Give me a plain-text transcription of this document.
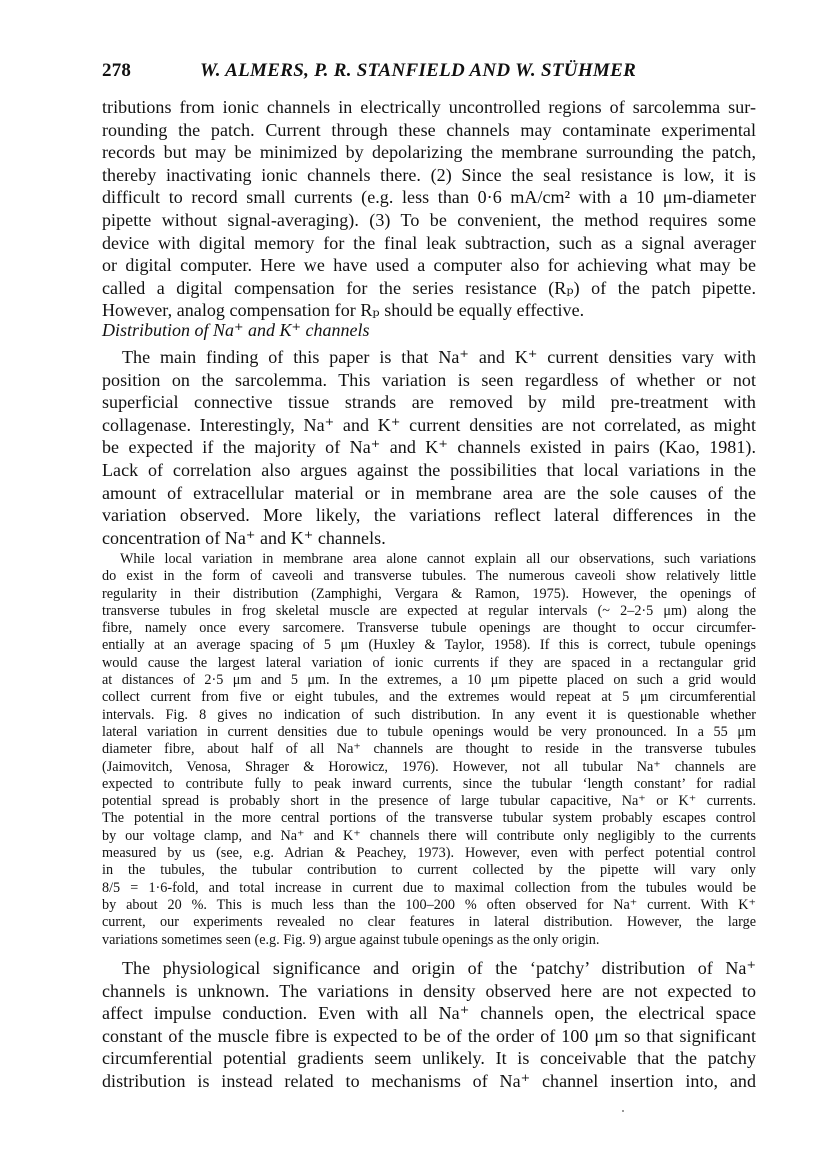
278	W. ALMERS, P. R. STANFIELD AND W. STÜHMER
tributions from ionic channels in electrically uncontrolled regions of sarcolemma sur-
rounding the patch. Current through these channels may contaminate experimental
records but may be minimized by depolarizing the membrane surrounding the patch,
thereby inactivating ionic channels there. (2) Since the seal resistance is low, it is
difficult to record small currents (e.g. less than 0·6 mA/cm² with a 10 μm-diameter
pipette without signal-averaging). (3) To be convenient, the method requires some
device with digital memory for the final leak subtraction, such as a signal averager
or digital computer. Here we have used a computer also for achieving what may be
called a digital compensation for the series resistance (Rₚ) of the patch pipette.
However, analog compensation for Rₚ should be equally effective.
Distribution of Na⁺ and K⁺ channels
The main finding of this paper is that Na⁺ and K⁺ current densities vary with
position on the sarcolemma. This variation is seen regardless of whether or not
superficial connective tissue strands are removed by mild pre-treatment with
collagenase. Interestingly, Na⁺ and K⁺ current densities are not correlated, as might
be expected if the majority of Na⁺ and K⁺ channels existed in pairs (Kao, 1981).
Lack of correlation also argues against the possibilities that local variations in the
amount of extracellular material or in membrane area are the sole causes of the
variation observed. More likely, the variations reflect lateral differences in the
concentration of Na⁺ and K⁺ channels.
While local variation in membrane area alone cannot explain all our observations, such variations
do exist in the form of caveoli and transverse tubules. The numerous caveoli show relatively little
regularity in their distribution (Zamphighi, Vergara & Ramon, 1975). However, the openings of
transverse tubules in frog skeletal muscle are expected at regular intervals (~ 2–2·5 μm) along the
fibre, namely once every sarcomere. Transverse tubule openings are thought to occur circumfer-
entially at an average spacing of 5 μm (Huxley & Taylor, 1958). If this is correct, tubule openings
would cause the largest lateral variation of ionic currents if they are spaced in a rectangular grid
at distances of 2·5 μm and 5 μm. In the extremes, a 10 μm pipette placed on such a grid would
collect current from five or eight tubules, and the extremes would repeat at 5 μm circumferential
intervals. Fig. 8 gives no indication of such distribution. In any event it is questionable whether
lateral variation in current densities due to tubule openings would be very pronounced. In a 55 μm
diameter fibre, about half of all Na⁺ channels are thought to reside in the transverse tubules
(Jaimovitch, Venosa, Shrager & Horowicz, 1976). However, not all tubular Na⁺ channels are
expected to contribute fully to peak inward currents, since the tubular ‘length constant’ for radial
potential spread is probably short in the presence of large tubular capacitive, Na⁺ or K⁺ currents.
The potential in the more central portions of the transverse tubular system probably escapes control
by our voltage clamp, and Na⁺ and K⁺ channels there will contribute only negligibly to the currents
measured by us (see, e.g. Adrian & Peachey, 1973). However, even with perfect potential control
in the tubules, the tubular contribution to current collected by the pipette will vary only
8/5 = 1·6-fold, and total increase in current due to maximal collection from the tubules would be
by about 20 %. This is much less than the 100–200 % often observed for Na⁺ current. With K⁺
current, our experiments revealed no clear features in lateral distribution. However, the large
variations sometimes seen (e.g. Fig. 9) argue against tubule openings as the only origin.
The physiological significance and origin of the ‘patchy’ distribution of Na⁺
channels is unknown. The variations in density observed here are not expected to
affect impulse conduction. Even with all Na⁺ channels open, the electrical space
constant of the muscle fibre is expected to be of the order of 100 μm so that significant
circumferential potential gradients seem unlikely. It is conceivable that the patchy
distribution is instead related to mechanisms of Na⁺ channel insertion into, and
